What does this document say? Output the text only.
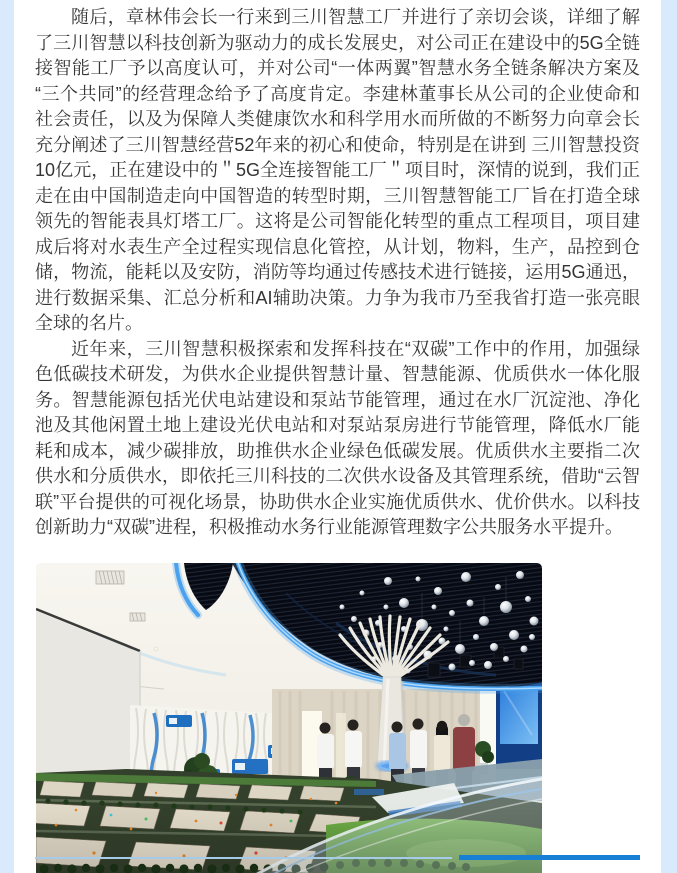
随后，章林伟会长一行来到三川智慧工厂并进行了亲切会谈，详细了解了三川智慧以科技创新为驱动力的成长发展史，对公司正在建设中的5G全链接智能工厂予以高度认可，并对公司“一体两翼”智慧水务全链条解决方案及“三个共同”的经营理念给予了高度肯定。李建林董事长从公司的企业使命和社会责任，以及为保障人类健康饮水和科学用水而所做的不断努力向章会长充分阐述了三川智慧经营52年来的初心和使命，特别是在讲到 三川智慧投资10亿元，正在建设中的＂5G全连接智能工厂＂项目时，深情的说到，我们正走在由中国制造走向中国智造的转型时期，三川智慧智能工厂旨在打造全球领先的智能表具灯塔工厂。这将是公司智能化转型的重点工程项目，项目建成后将对水表生产全过程实现信息化管控，从计划，物料，生产，品控到仓储，物流，能耗以及安防，消防等均通过传感技术进行链接，运用5G通迅，进行数据采集、汇总分析和AI辅助决策。力争为我市乃至我省打造一张亮眼全球的名片。

近年来，三川智慧积极探索和发挥科技在“双碳”工作中的作用，加强绿色低碳技术研发，为供水企业提供智慧计量、智慧能源、优质供水一体化服务。智慧能源包括光伏电站建设和泵站节能管理，通过在水厂沉淀池、净化池及其他闲置土地上建设光伏电站和对泵站泵房进行节能管理，降低水厂能耗和成本，减少碳排放，助推供水企业绿色低碳发展。优质供水主要指二次供水和分质供水，即依托三川科技的二次供水设备及其管理系统，借助“云智联”平台提供的可视化场景，协助供水企业实施优质供水、优价供水。以科技创新助力“双碳”进程，积极推动水务行业能源管理数字公共服务水平提升。
